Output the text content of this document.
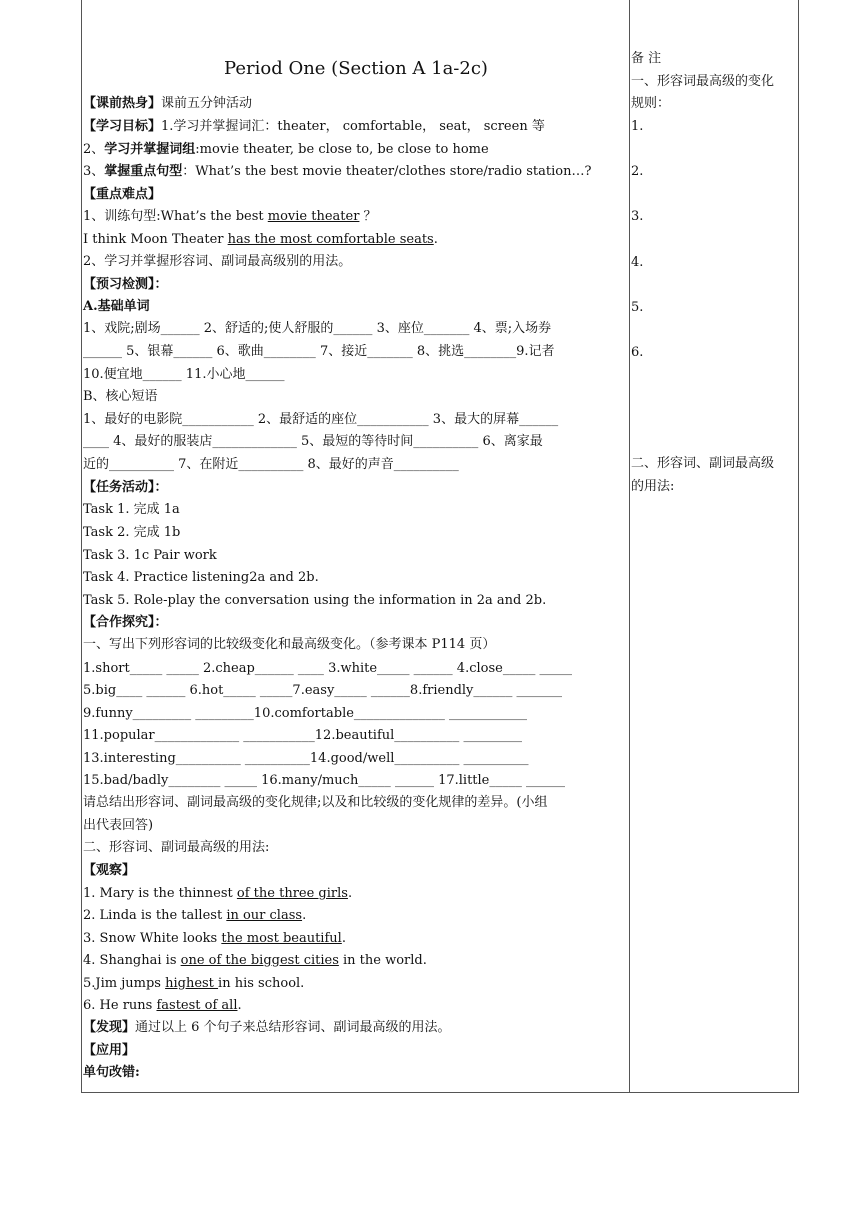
Period One (Section A 1a-2c)
【课前热身】课前五分钟活动
【学习目标】1.学习并掌握词汇：theater， comfortable， seat， screen 等
2、学习并掌握词组:movie theater, be close to, be close to home
3、掌握重点句型：What’s the best movie theater/clothes store/radio station…?
【重点难点】
1、训练句型:What’s the best movie theater ？
I think Moon Theater has the most comfortable seats.
2、学习并掌握形容词、副词最高级别的用法。
【预习检测】：
A.基础单词
1、戏院;剧场______ 2、舒适的;使人舒服的______ 3、座位_______ 4、票;入场券
______ 5、银幕______ 6、歌曲________ 7、接近_______ 8、挑选________9.记者
10.便宜地______ 11.小心地______
B、核心短语
1、最好的电影院___________ 2、最舒适的座位___________ 3、最大的屏幕______
____ 4、最好的服装店_____________ 5、最短的等待时间__________ 6、离家最
近的__________ 7、在附近__________ 8、最好的声音__________
【任务活动】：
Task 1. 完成 1a
Task 2. 完成 1b
Task 3. 1c Pair work
Task 4. Practice listening2a and 2b.
Task 5. Role-play the conversation using the information in 2a and 2b.
【合作探究】：
一、写出下列形容词的比较级变化和最高级变化。（参考课本 P114 页）
1.short_____ _____ 2.cheap______ ____ 3.white_____ ______ 4.close_____ _____
5.big____ ______ 6.hot_____ _____7.easy_____ ______8.friendly______ _______
9.funny_________ _________10.comfortable______________ ____________
11.popular_____________ ___________12.beautiful__________ _________
13.interesting__________ __________14.good/well__________ __________
15.bad/badly________ _____ 16.many/much_____ ______ 17.little_____ ______
请总结出形容词、副词最高级的变化规律;以及和比较级的变化规律的差异。(小组
出代表回答)
二、形容词、副词最高级的用法:
【观察】
1. Mary is the thinnest of the three girls.
2. Linda is the tallest in our class.
3. Snow White looks the most beautiful.
4. Shanghai is one of the biggest cities in the world.
5.Jim jumps highest in his school.
6. He runs fastest of all.
【发现】通过以上 6 个句子来总结形容词、副词最高级的用法。
【应用】
单句改错:
备 注
一、形容词最高级的变化
规则：
1.
2.
3.
4.
5.
6.
二、形容词、副词最高级
的用法:
